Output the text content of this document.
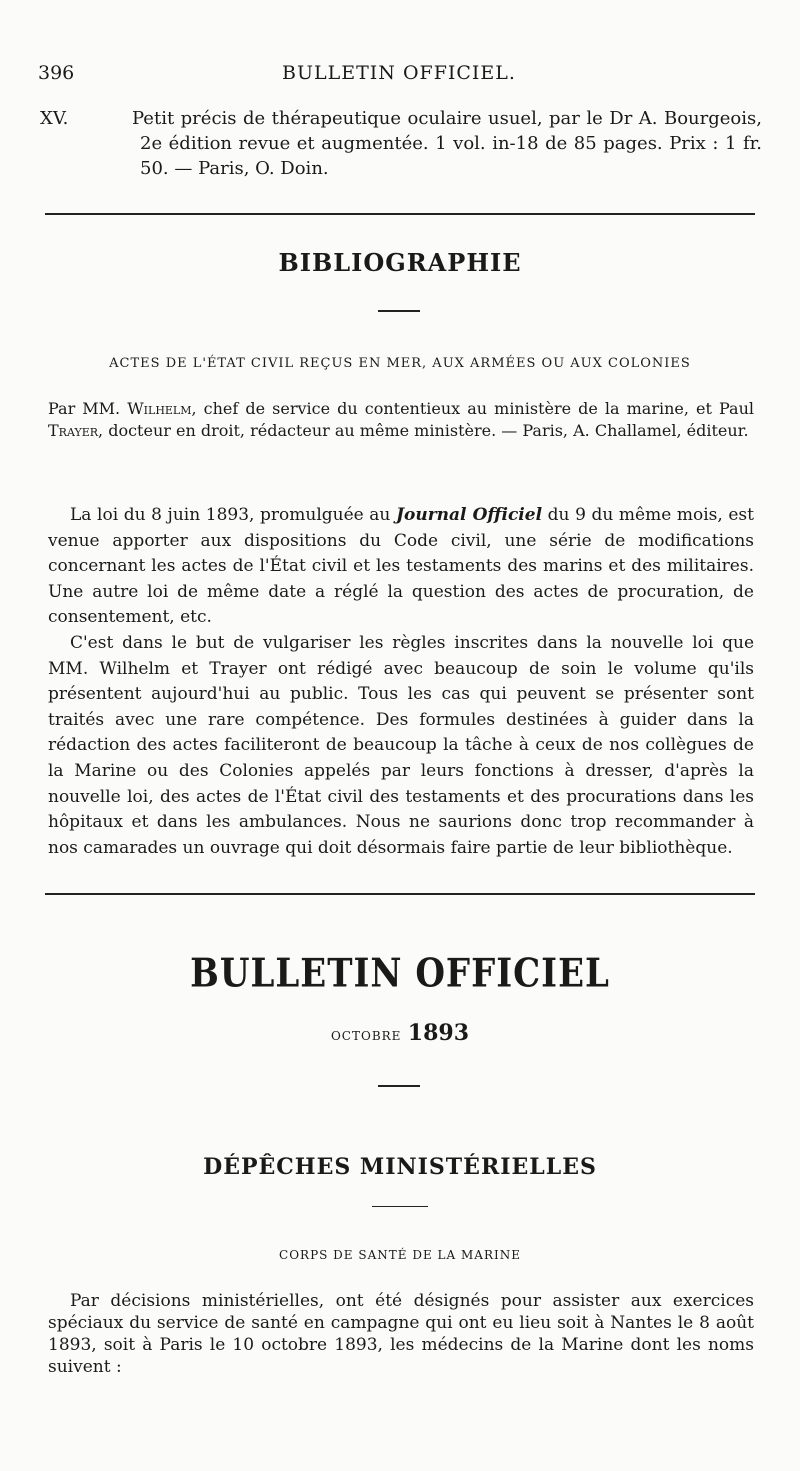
396	BULLETIN OFFICIEL.
XV.	Petit précis de thérapeutique oculaire usuel, par le Dr A. Bourgeois, 2e édition revue et augmentée. 1 vol. in-18 de 85 pages. Prix : 1 fr. 50. — Paris, O. Doin.
BIBLIOGRAPHIE
ACTES DE L'ÉTAT CIVIL REÇUS EN MER, AUX ARMÉES OU AUX COLONIES
Par MM. Wilhelm, chef de service du contentieux au ministère de la marine, et Paul Trayer, docteur en droit, rédacteur au même ministère. — Paris, A. Challamel, éditeur.
La loi du 8 juin 1893, promulguée au Journal Officiel du 9 du même mois, est venue apporter aux dispositions du Code civil, une série de modifications concernant les actes de l'État civil et les testaments des marins et des militaires. Une autre loi de même date a réglé la question des actes de procuration, de consentement, etc.
C'est dans le but de vulgariser les règles inscrites dans la nouvelle loi que MM. Wilhelm et Trayer ont rédigé avec beaucoup de soin le volume qu'ils présentent aujourd'hui au public. Tous les cas qui peuvent se présenter sont traités avec une rare compétence. Des formules destinées à guider dans la rédaction des actes faciliteront de beaucoup la tâche à ceux de nos collègues de la Marine ou des Colonies appelés par leurs fonctions à dresser, d'après la nouvelle loi, des actes de l'État civil des testaments et des procurations dans les hôpitaux et dans les ambulances. Nous ne saurions donc trop recommander à nos camarades un ouvrage qui doit désormais faire partie de leur bibliothèque.
BULLETIN OFFICIEL
OCTOBRE 1893
DÉPÊCHES MINISTÉRIELLES
CORPS DE SANTÉ DE LA MARINE
Par décisions ministérielles, ont été désignés pour assister aux exercices spéciaux du service de santé en campagne qui ont eu lieu soit à Nantes le 8 août 1893, soit à Paris le 10 octobre 1893, les médecins de la Marine dont les noms suivent :
